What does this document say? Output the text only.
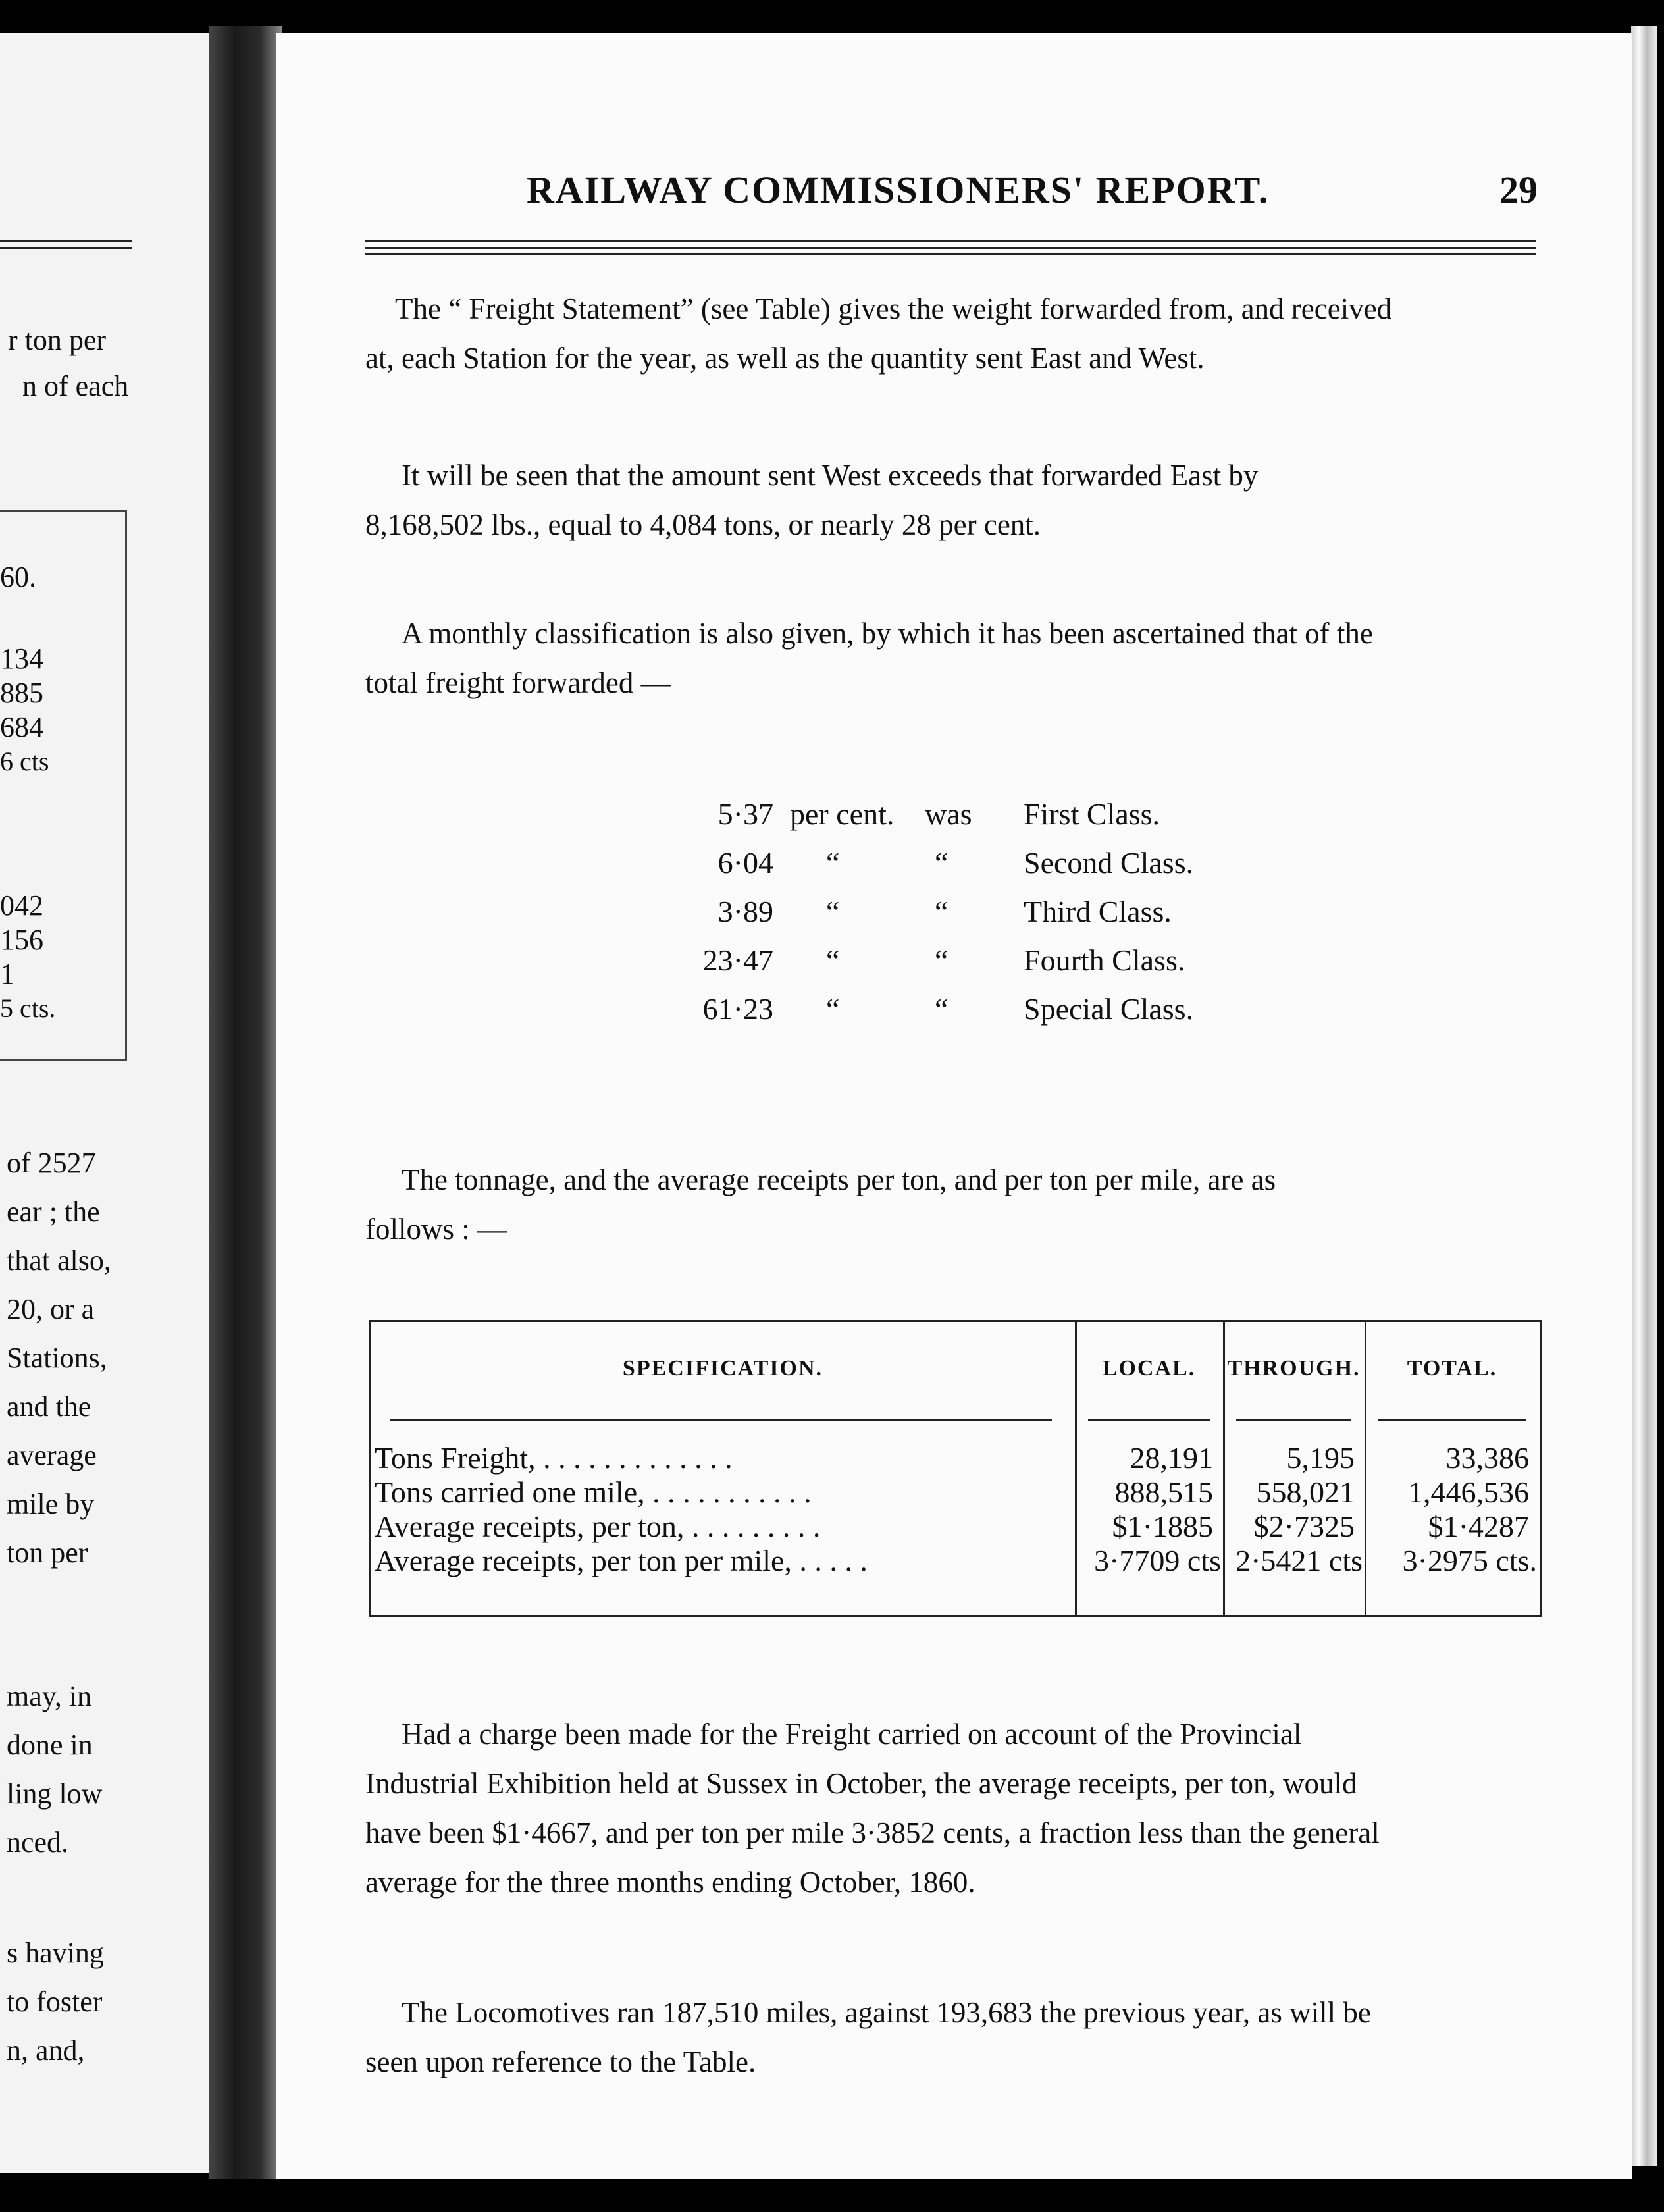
r ton per
n of each
60.
134
885
684
6 cts
042
156
1
5 cts.
of 2527
ear ; the
that also,
20, or a
Stations,
and the
average
mile by
ton per
may, in
done in
ling low
nced.
s having
to foster
n, and,
RAILWAY COMMISSIONERS' REPORT.	29
The “ Freight Statement” (see Table) gives the weight forwarded from, and received
at, each Station for the year, as well as the quantity sent East and West.
It will be seen that the amount sent West exceeds that forwarded East by
8,168,502 lbs., equal to 4,084 tons, or nearly 28 per cent.
A monthly classification is also given, by which it has been ascertained that of the
total freight forwarded —
5·37 per cent. was First Class.
6·04 “	“ Second Class.
3·89 “	“ Third Class.
23·47 “	“ Fourth Class.
61·23 “	“ Special Class.
The tonnage, and the average receipts per ton, and per ton per mile, are as
follows : —
SPECIFICATION.	LOCAL.	THROUGH.	TOTAL.
Tons Freight, . . . . . . . . . . . . .	28,191	5,195	33,386
Tons carried one mile, . . . . . . . . . . .	888,515	558,021	1,446,536
Average receipts, per ton, . . . . . . . . .	$1·1885	$2·7325	$1·4287
Average receipts, per ton per mile, . . . . .	3·7709 cts 2·5421 cts	3·2975 cts.
Had a charge been made for the Freight carried on account of the Provincial
Industrial Exhibition held at Sussex in October, the average receipts, per ton, would
have been $1·4667, and per ton per mile 3·3852 cents, a fraction less than the general
average for the three months ending October, 1860.
The Locomotives ran 187,510 miles, against 193,683 the previous year, as will be
seen upon reference to the Table.
